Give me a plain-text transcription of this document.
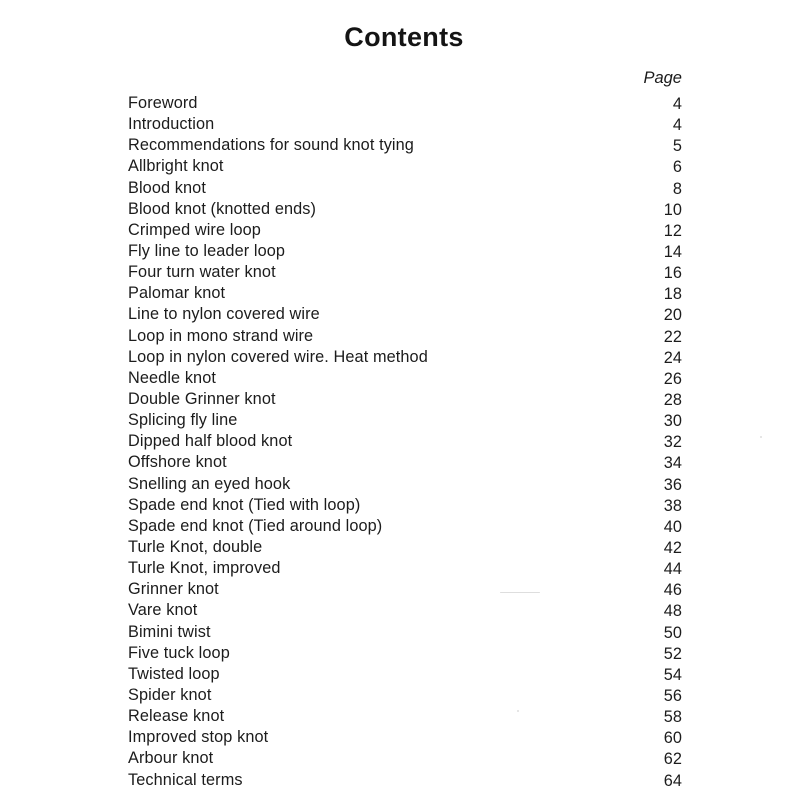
Contents
Page
Foreword	4
Introduction	4
Recommendations for sound knot tying	5
Allbright knot	6
Blood knot	8
Blood knot (knotted ends)	10
Crimped wire loop	12
Fly line to leader loop	14
Four turn water knot	16
Palomar knot	18
Line to nylon covered wire	20
Loop in mono strand wire	22
Loop in nylon covered wire. Heat method	24
Needle knot	26
Double Grinner knot	28
Splicing fly line	30
Dipped half blood knot	32
Offshore knot	34
Snelling an eyed hook	36
Spade end knot (Tied with loop)	38
Spade end knot (Tied around loop)	40
Turle Knot, double	42
Turle Knot, improved	44
Grinner knot	46
Vare knot	48
Bimini twist	50
Five tuck loop	52
Twisted loop	54
Spider knot	56
Release knot	58
Improved stop knot	60
Arbour knot	62
Technical terms	64
